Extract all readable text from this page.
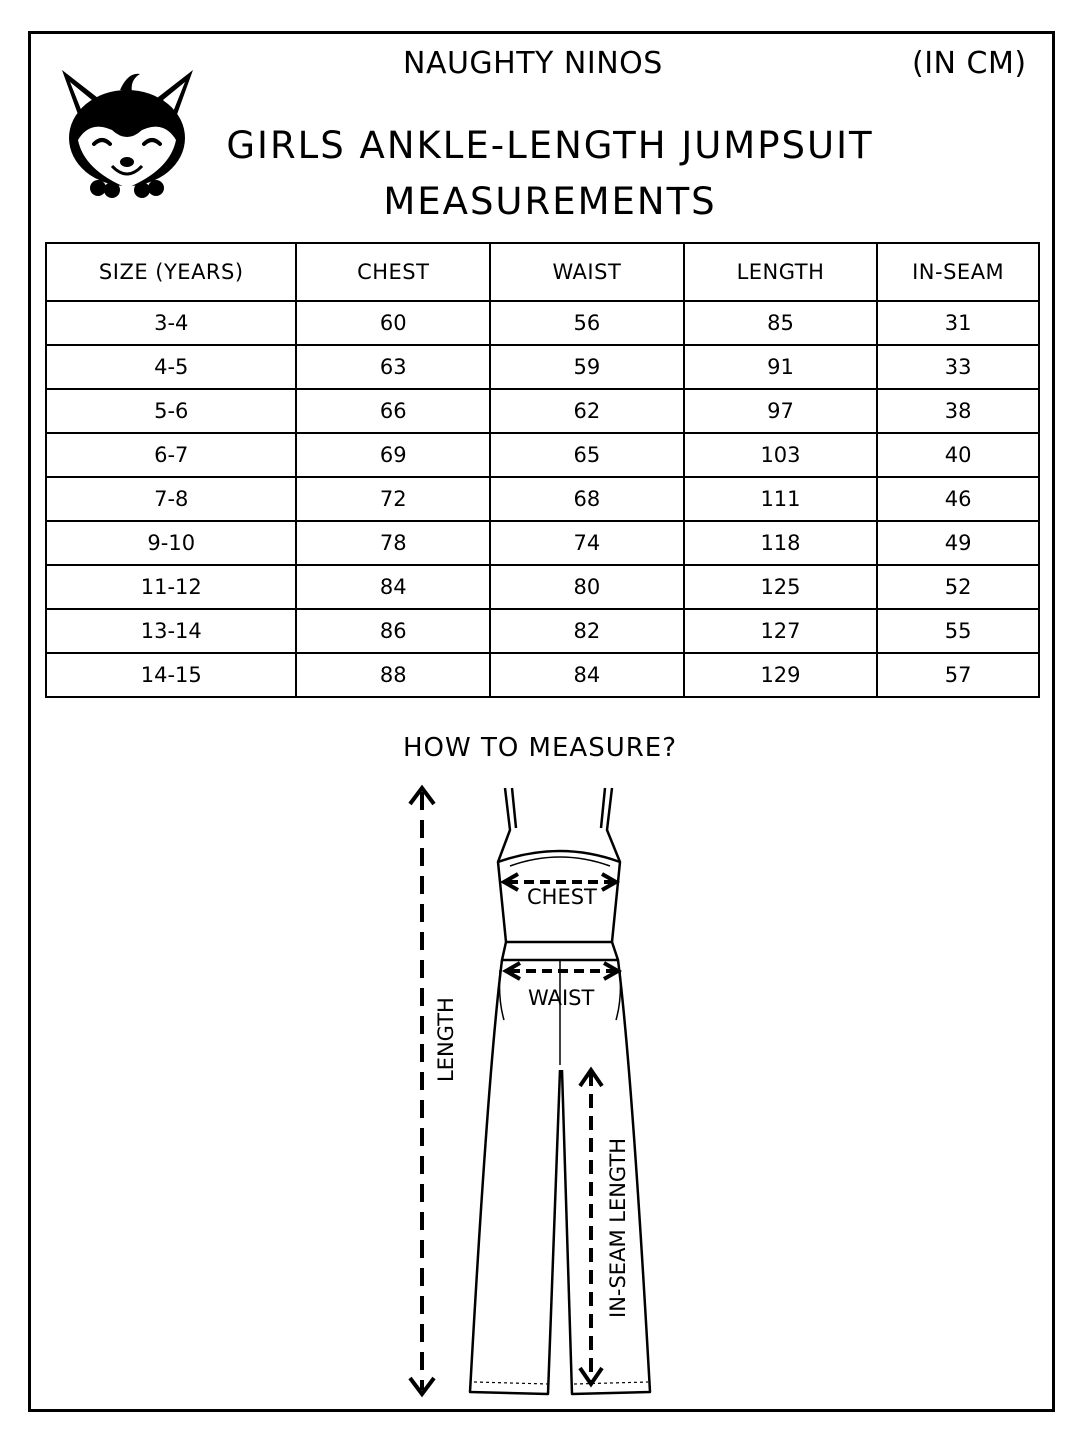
NAUGHTY NINOS	(IN CM)
GIRLS ANKLE-LENGTH JUMPSUIT
MEASUREMENTS
SIZE (YEARS)	CHEST	WAIST	LENGTH	IN-SEAM
3-4	60	56	85	31
4-5	63	59	91	33
5-6	66	62	97	38
6-7	69	65	103	40
7-8	72	68	111	46
9-10	78	74	118	49
11-12	84	80	125	52
13-14	86	82	127	55
14-15	88	84	129	57
HOW TO MEASURE?
LENGTH
CHEST
WAIST
IN-SEAM LENGTH
